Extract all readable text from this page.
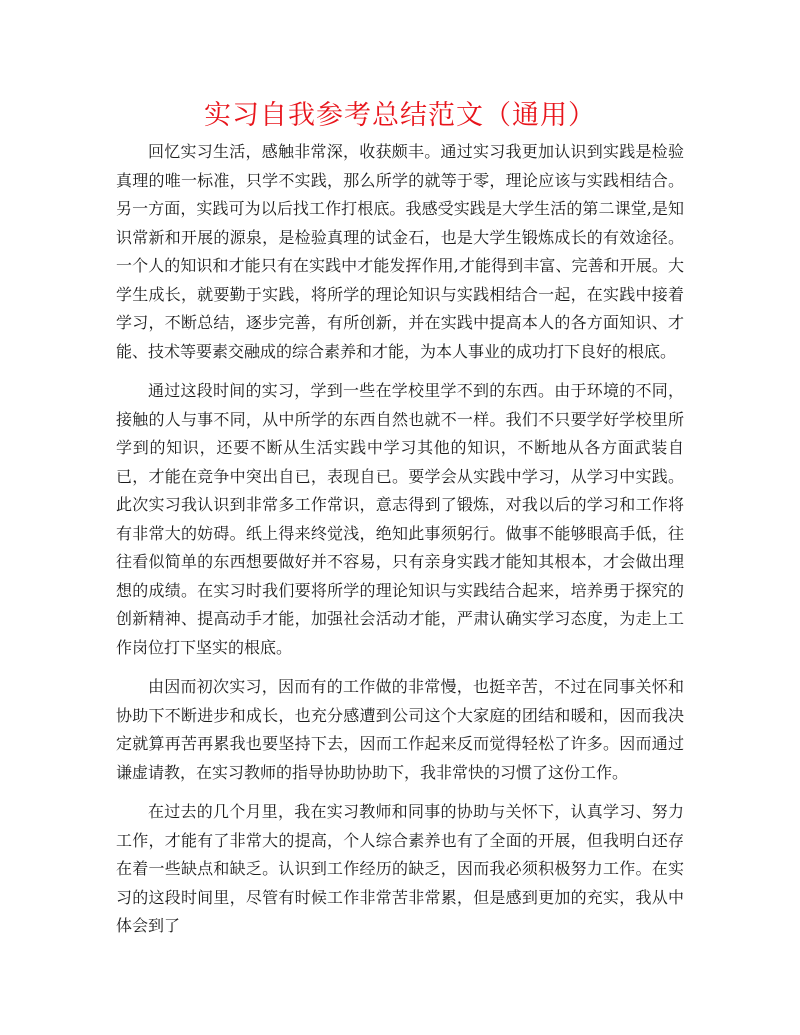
实习自我参考总结范文（通用）

回忆实习生活，感触非常深，收获颇丰。通过实习我更加认识到实践是检验真理的唯一标准，只学不实践，那么所学的就等于零，理论应该与实践相结合。另一方面，实践可为以后找工作打根底。我感受实践是大学生活的第二课堂,是知识常新和开展的源泉，是检验真理的试金石，也是大学生锻炼成长的有效途径。一个人的知识和才能只有在实践中才能发挥作用,才能得到丰富、完善和开展。大学生成长，就要勤于实践，将所学的理论知识与实践相结合一起，在实践中接着学习，不断总结，逐步完善，有所创新，并在实践中提高本人的各方面知识、才能、技术等要素交融成的综合素养和才能，为本人事业的成功打下良好的根底。

通过这段时间的实习，学到一些在学校里学不到的东西。由于环境的不同，接触的人与事不同，从中所学的东西自然也就不一样。我们不只要学好学校里所学到的知识，还要不断从生活实践中学习其他的知识，不断地从各方面武装自已，才能在竞争中突出自已，表现自已。要学会从实践中学习，从学习中实践。此次实习我认识到非常多工作常识，意志得到了锻炼，对我以后的学习和工作将有非常大的妨碍。纸上得来终觉浅，绝知此事须躬行。做事不能够眼高手低，往往看似简单的东西想要做好并不容易，只有亲身实践才能知其根本，才会做出理想的成绩。在实习时我们要将所学的理论知识与实践结合起来，培养勇于探究的创新精神、提高动手才能，加强社会活动才能，严肃认确实学习态度，为走上工作岗位打下坚实的根底。

由因而初次实习，因而有的工作做的非常慢，也挺辛苦，不过在同事关怀和协助下不断进步和成长，也充分感遭到公司这个大家庭的团结和暖和，因而我决定就算再苦再累我也要坚持下去，因而工作起来反而觉得轻松了许多。因而通过谦虚请教，在实习教师的指导协助协助下，我非常快的习惯了这份工作。

在过去的几个月里，我在实习教师和同事的协助与关怀下，认真学习、努力工作，才能有了非常大的提高，个人综合素养也有了全面的开展，但我明白还存在着一些缺点和缺乏。认识到工作经历的缺乏，因而我必须积极努力工作。在实习的这段时间里，尽管有时候工作非常苦非常累，但是感到更加的充实，我从中体会到了
